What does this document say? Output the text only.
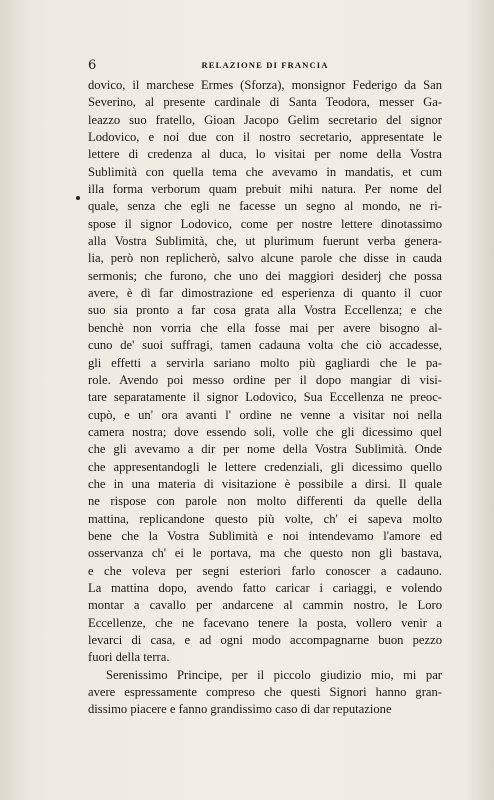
6	RELAZIONE DI FRANCIA
dovico, il marchese Ermes (Sforza), monsignor Federigo da San
Severino, al presente cardinale di Santa Teodora, messer Ga-
leazzo suo fratello, Gioan Jacopo Gelim secretario del signor
Lodovico, e noi due con il nostro secretario, appresentate le
lettere di credenza al duca, lo visitai per nome della Vostra
Sublimità con quella tema che avevamo in mandatis, et cum
illa forma verborum quam prebuit mihi natura. Per nome del
quale, senza che egli ne facesse un segno al mondo, ne ri-
spose il signor Lodovico, come per nostre lettere dinotassimo
alla Vostra Sublimità, che, ut plurimum fuerunt verba genera-
lia, però non replicherò, salvo alcune parole che disse in cauda
sermonis; che furono, che uno dei maggiori desiderj che possa
avere, è di far dimostrazione ed esperienza di quanto il cuor
suo sia pronto a far cosa grata alla Vostra Eccellenza; e che
benchè non vorria che ella fosse mai per avere bisogno al-
cuno de' suoi suffragi, tamen cadauna volta che ciò accadesse,
gli effetti a servirla sariano molto più gagliardi che le pa-
role. Avendo poi messo ordine per il dopo mangiar di visi-
tare separatamente il signor Lodovico, Sua Eccellenza ne preoc-
cupò, e un' ora avanti l' ordine ne venne a visitar noi nella
camera nostra; dove essendo soli, volle che gli dicessimo quel
che gli avevamo a dir per nome della Vostra Sublimità. Onde
che appresentandogli le lettere credenziali, gli dicessimo quello
che in una materia di visitazione è possibile a dirsi. Il quale
ne rispose con parole non molto differenti da quelle della
mattina, replicandone questo più volte, ch' ei sapeva molto
bene che la Vostra Sublimità e noi intendevamo l'amore ed
osservanza ch' ei le portava, ma che questo non gli bastava,
e che voleva per segni esteriori farlo conoscer a cadauno.
La mattina dopo, avendo fatto caricar i cariaggi, e volendo
montar a cavallo per andarcene al cammin nostro, le Loro
Eccellenze, che ne facevano tenere la posta, vollero venir a
levarci di casa, e ad ogni modo accompagnarne buon pezzo
fuori della terra.
Serenissimo Principe, per il piccolo giudizio mio, mi par
avere espressamente compreso che questi Signori hanno gran-
dissimo piacere e fanno grandissimo caso di dar reputazione
